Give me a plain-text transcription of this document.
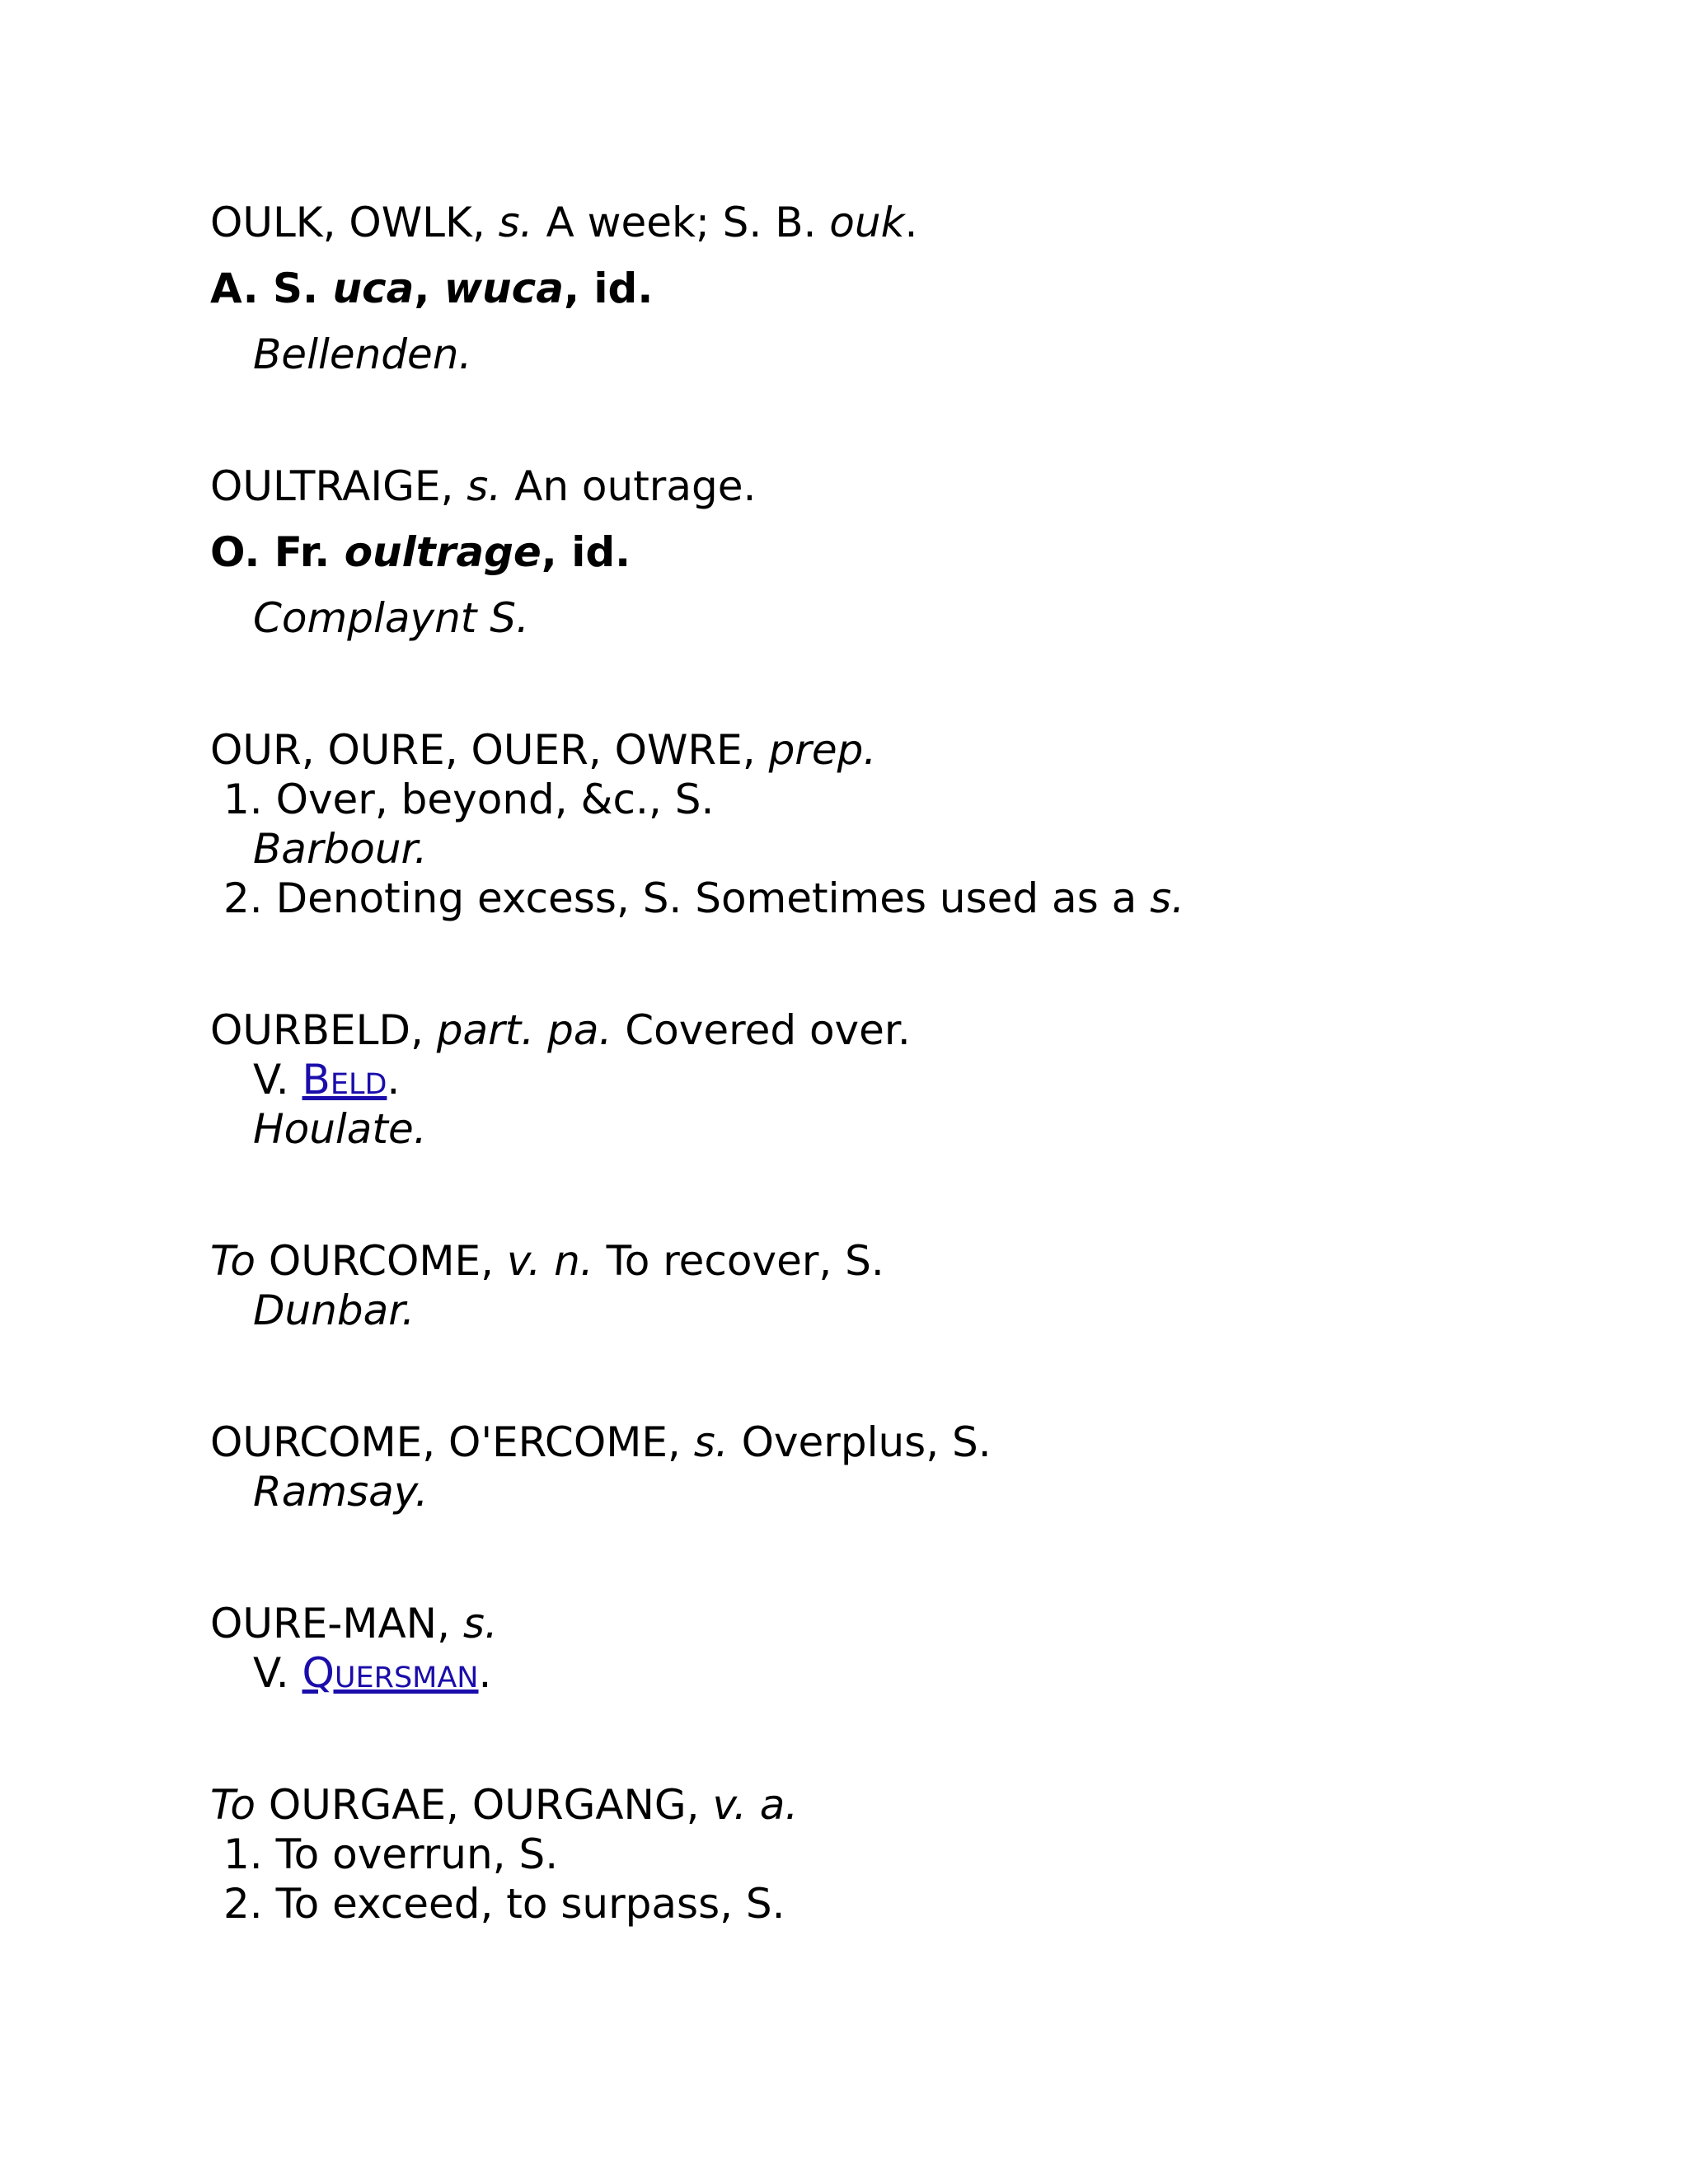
OULK, OWLK, s. A week; S. B. ouk.
A. S. uca, wuca, id.
Bellenden.
OULTRAIGE, s. An outrage.
O. Fr. oultrage, id.
Complaynt S.
OUR, OURE, OUER, OWRE, prep.
1. Over, beyond, &c., S.
Barbour.
2. Denoting excess, S. Sometimes used as a s.
OURBELD, part. pa. Covered over.
V. Beld.
Houlate.
To OURCOME, v. n. To recover, S.
Dunbar.
OURCOME, O'ERCOME, s. Overplus, S.
Ramsay.
OURE-MAN, s.
V. Quersman.
To OURGAE, OURGANG, v. a.
1. To overrun, S.
2. To exceed, to surpass, S.
